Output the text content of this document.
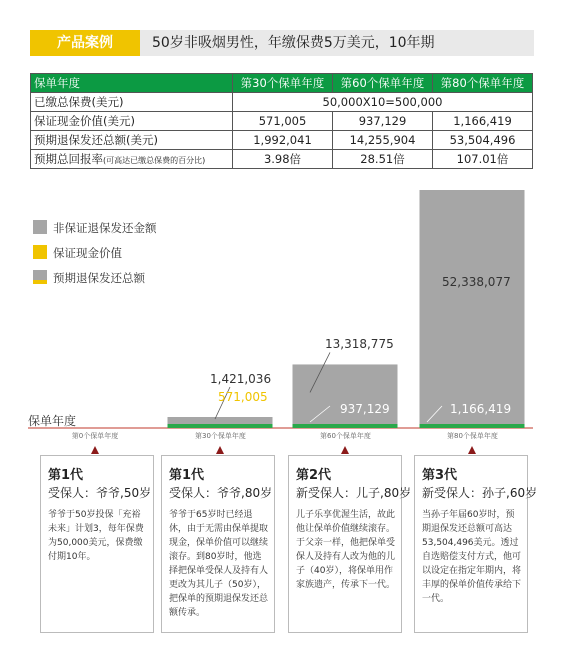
产品案例	50岁非吸烟男性，年缴保费5万美元，10年期
保单年度	第30个保单年度	第60个保单年度	第80个保单年度
已缴总保费(美元)	50,000X10=500,000		
保证现金价值(美元)	571,005	937,129	1,166,419
预期退保发还总额(美元)	1,992,041	14,255,904	53,504,496
预期总回报率(可高达已缴总保费的百分比)	3.98倍	28.51倍	107.01倍
非保证退保发还金额
保证现金价值
预期退保发还总额
保单年度
第0个保单年度	第30个保单年度
1,421,036
571,005
第60个保单年度
13,318,775
937,129
第80个保单年度
52,338,077
1,166,419
第1代
受保人：爷爷,50岁
爷爷于50岁投保「充裕未来」计划3，每年保费为50,000美元，保费缴付期10年。
第1代
受保人：爷爷,80岁
爷爷于65岁时已经退休，由于无需由保单提取现金，保单价值可以继续滚存。到80岁时，他选择把保单受保人及持有人更改为其儿子（50岁），把保单的预期退保发还总额传承。
第2代
新受保人：儿子,80岁
儿子乐享优渥生活，故此他让保单价值继续滚存。于父亲一样，他把保单受保人及持有人改为他的儿子（40岁），将保单用作家族遗产，传承下一代。
第3代
新受保人：孙子,60岁
当孙子年届60岁时，预期退保发还总额可高达53,504,496美元。透过自选赔偿支付方式，他可以设定在指定年期内，将丰厚的保单价值传承给下一代。
